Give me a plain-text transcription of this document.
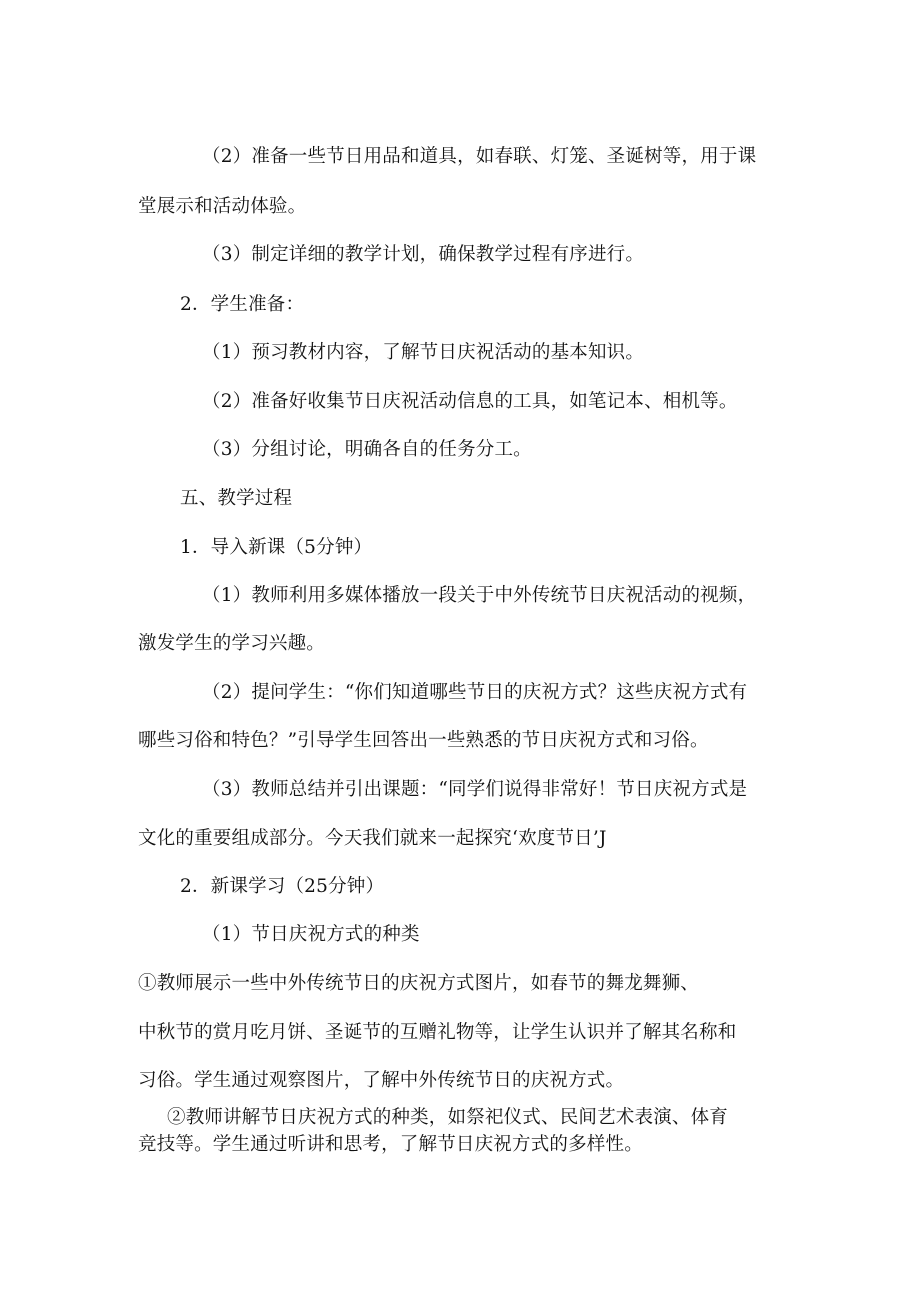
（2）准备一些节日用品和道具，如春联、灯笼、圣诞树等，用于课
堂展示和活动体验。
（3）制定详细的教学计划，确保教学过程有序进行。
2．学生准备：
（1）预习教材内容，了解节日庆祝活动的基本知识。
（2）准备好收集节日庆祝活动信息的工具，如笔记本、相机等。
（3）分组讨论，明确各自的任务分工。
五、教学过程
1．导入新课（5分钟）
（1）教师利用多媒体播放一段关于中外传统节日庆祝活动的视频，
激发学生的学习兴趣。
（2）提问学生：“你们知道哪些节日的庆祝方式？这些庆祝方式有
哪些习俗和特色？”引导学生回答出一些熟悉的节日庆祝方式和习俗。
（3）教师总结并引出课题：“同学们说得非常好！节日庆祝方式是
文化的重要组成部分。今天我们就来一起探究‘欢度节日’J
2．新课学习（25分钟）
（1）节日庆祝方式的种类
①教师展示一些中外传统节日的庆祝方式图片，如春节的舞龙舞狮、
中秋节的赏月吃月饼、圣诞节的互赠礼物等，让学生认识并了解其名称和
习俗。学生通过观察图片，了解中外传统节日的庆祝方式。
②教师讲解节日庆祝方式的种类，如祭祀仪式、民间艺术表演、体育
竞技等。学生通过听讲和思考，了解节日庆祝方式的多样性。
